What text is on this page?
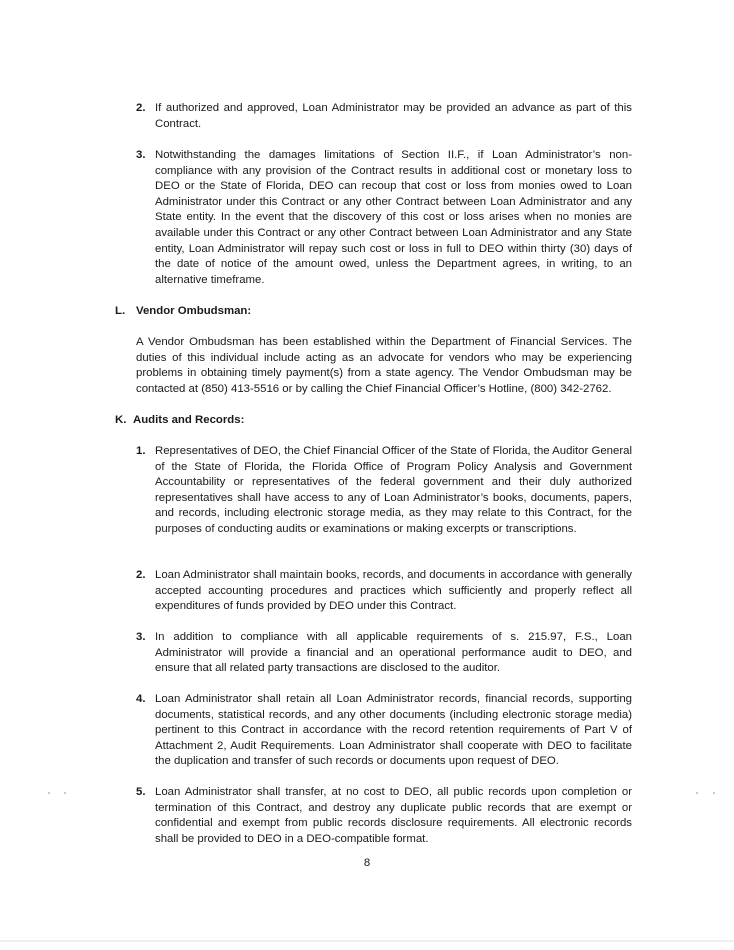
2. If authorized and approved, Loan Administrator may be provided an advance as part of this Contract.
3. Notwithstanding the damages limitations of Section II.F., if Loan Administrator’s non-compliance with any provision of the Contract results in additional cost or monetary loss to DEO or the State of Florida, DEO can recoup that cost or loss from monies owed to Loan Administrator under this Contract or any other Contract between Loan Administrator and any State entity. In the event that the discovery of this cost or loss arises when no monies are available under this Contract or any other Contract between Loan Administrator and any State entity, Loan Administrator will repay such cost or loss in full to DEO within thirty (30) days of the date of notice of the amount owed, unless the Department agrees, in writing, to an alternative timeframe.
L. Vendor Ombudsman:
A Vendor Ombudsman has been established within the Department of Financial Services. The duties of this individual include acting as an advocate for vendors who may be experiencing problems in obtaining timely payment(s) from a state agency. The Vendor Ombudsman may be contacted at (850) 413-5516 or by calling the Chief Financial Officer’s Hotline, (800) 342-2762.
K. Audits and Records:
1. Representatives of DEO, the Chief Financial Officer of the State of Florida, the Auditor General of the State of Florida, the Florida Office of Program Policy Analysis and Government Accountability or representatives of the federal government and their duly authorized representatives shall have access to any of Loan Administrator’s books, documents, papers, and records, including electronic storage media, as they may relate to this Contract, for the purposes of conducting audits or examinations or making excerpts or transcriptions.
2. Loan Administrator shall maintain books, records, and documents in accordance with generally accepted accounting procedures and practices which sufficiently and properly reflect all expenditures of funds provided by DEO under this Contract.
3. In addition to compliance with all applicable requirements of s. 215.97, F.S., Loan Administrator will provide a financial and an operational performance audit to DEO, and ensure that all related party transactions are disclosed to the auditor.
4. Loan Administrator shall retain all Loan Administrator records, financial records, supporting documents, statistical records, and any other documents (including electronic storage media) pertinent to this Contract in accordance with the record retention requirements of Part V of Attachment 2, Audit Requirements. Loan Administrator shall cooperate with DEO to facilitate the duplication and transfer of such records or documents upon request of DEO.
5. Loan Administrator shall transfer, at no cost to DEO, all public records upon completion or termination of this Contract, and destroy any duplicate public records that are exempt or confidential and exempt from public records disclosure requirements. All electronic records shall be provided to DEO in a DEO-compatible format.
8
